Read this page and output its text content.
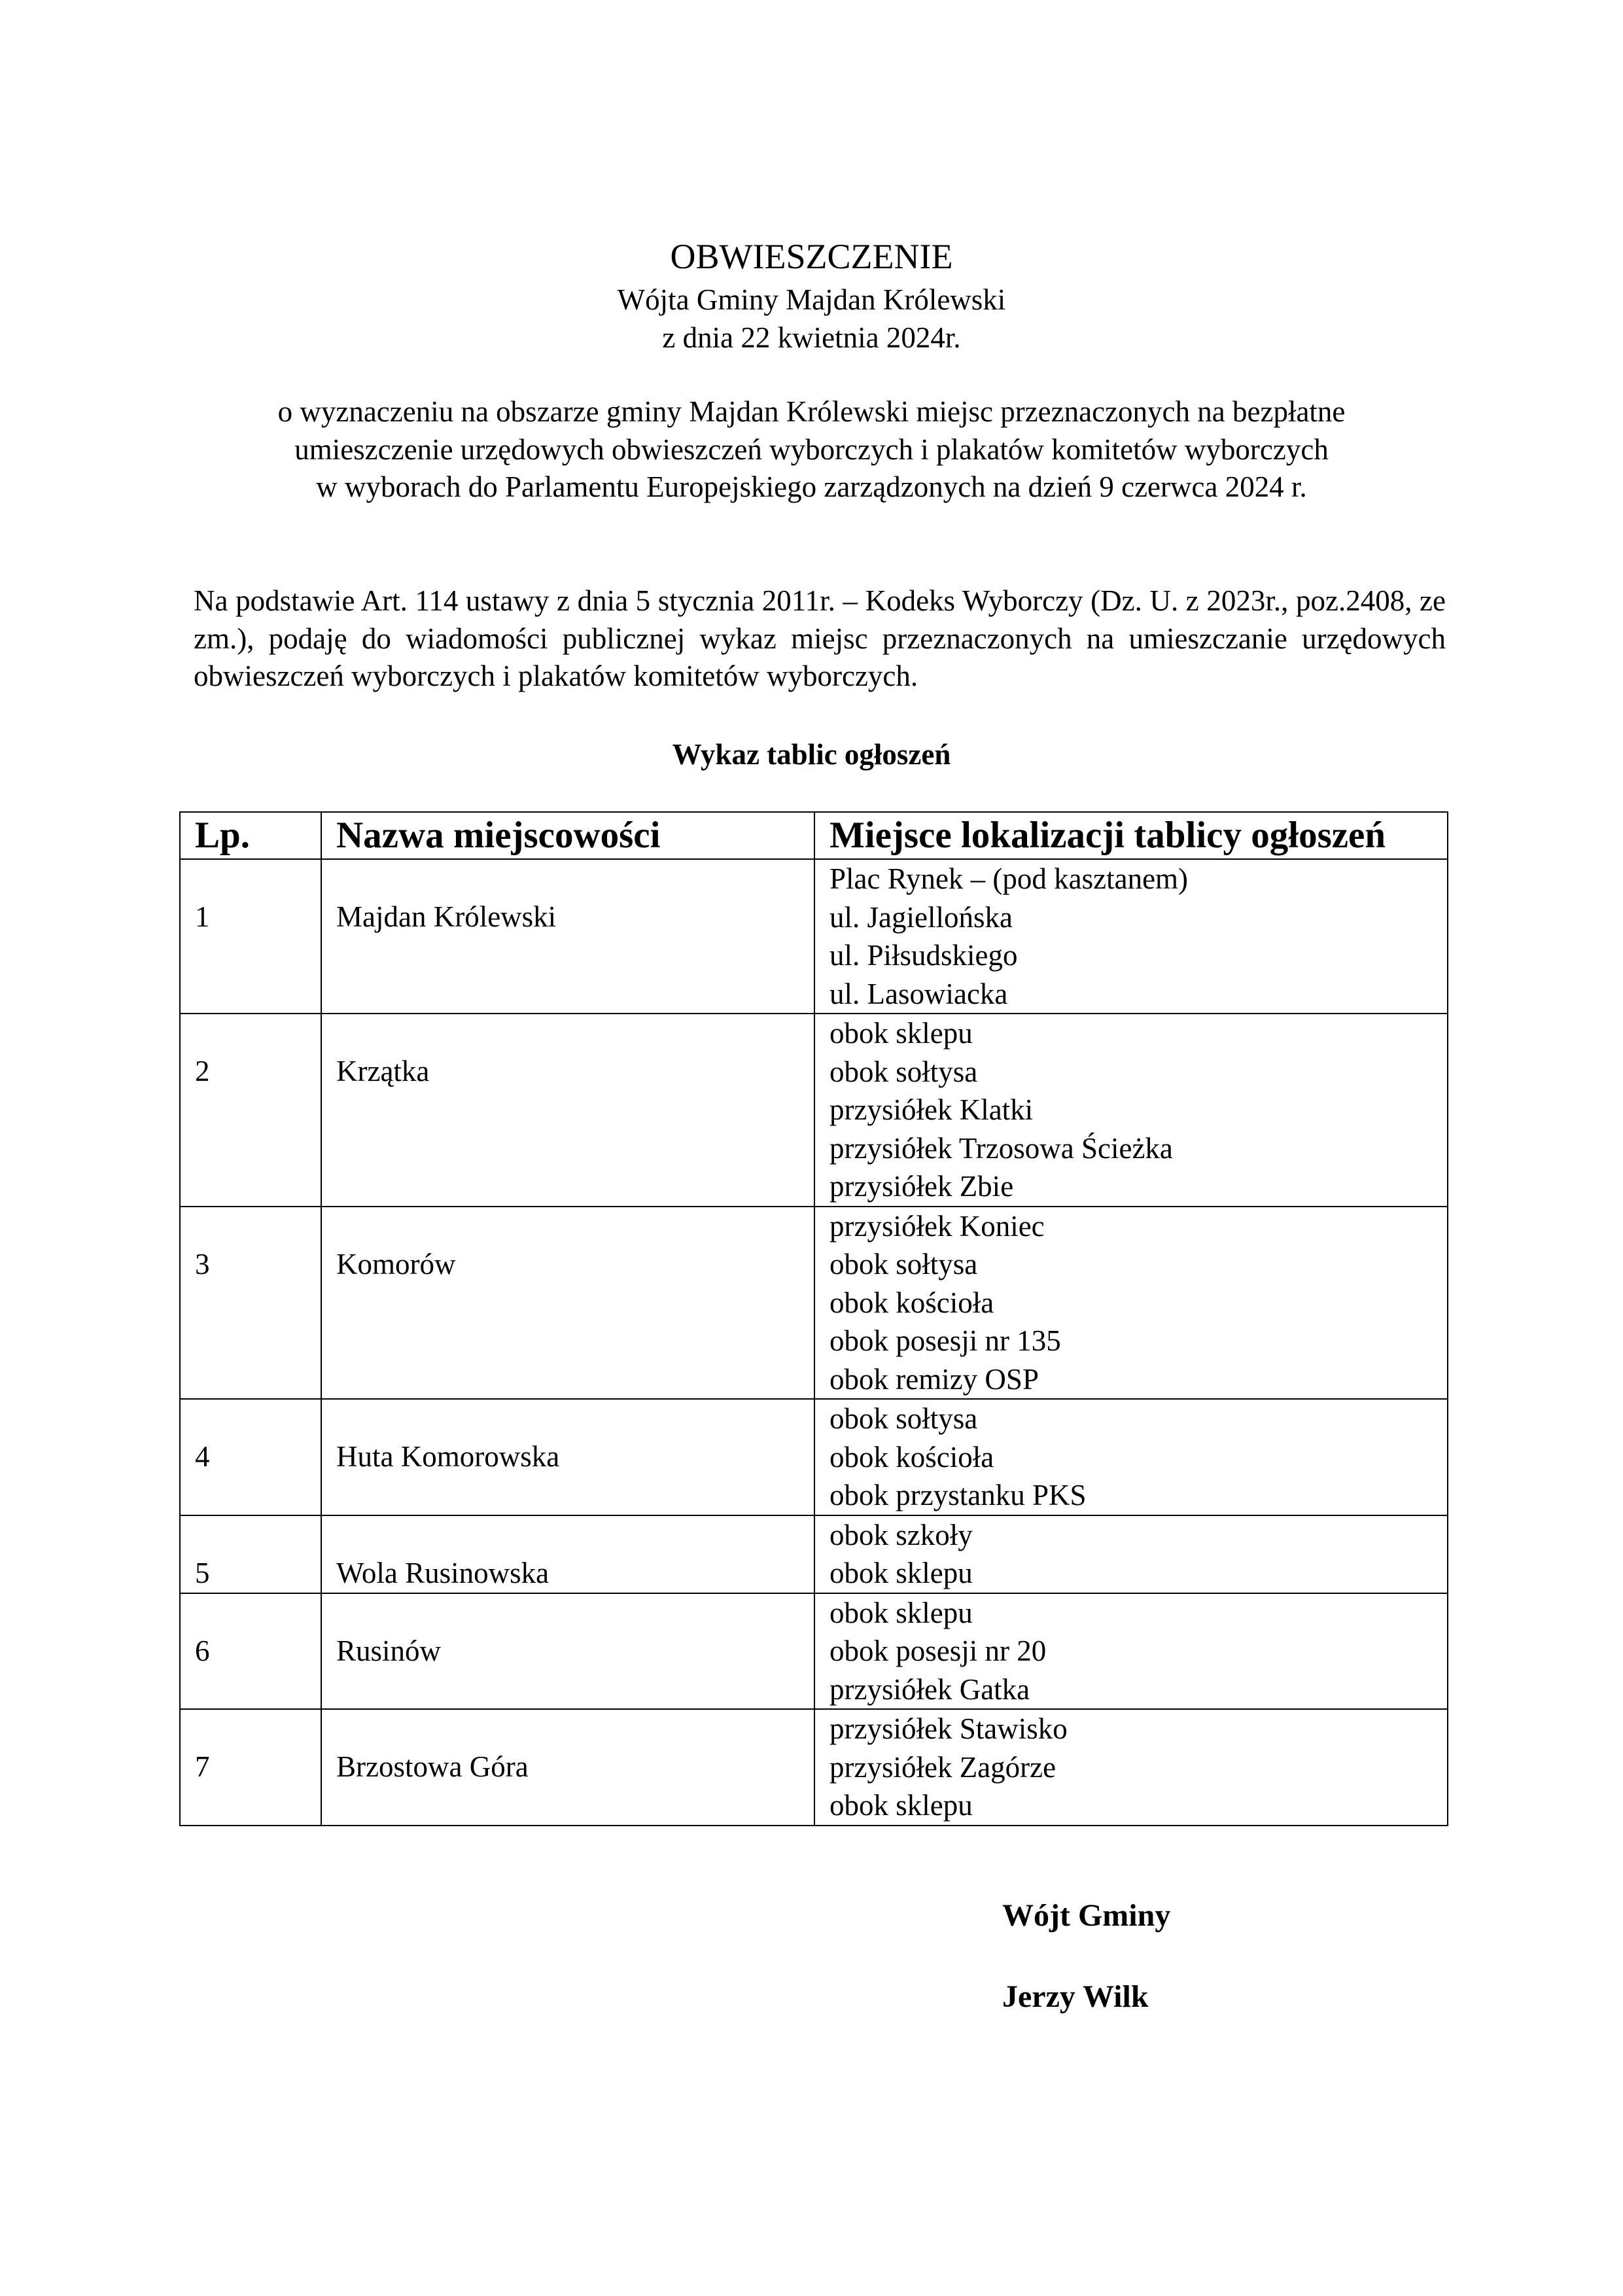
OBWIESZCZENIE
Wójta Gminy Majdan Królewski
z dnia 22 kwietnia 2024r.
o wyznaczeniu na obszarze gminy Majdan Królewski miejsc przeznaczonych na bezpłatne
umieszczenie urzędowych obwieszczeń wyborczych i plakatów komitetów wyborczych
w wyborach do Parlamentu Europejskiego zarządzonych na dzień 9 czerwca 2024 r.
Na podstawie Art. 114 ustawy z dnia 5 stycznia 2011r. – Kodeks Wyborczy (Dz. U. z 2023r., poz.2408, ze zm.), podaję do wiadomości publicznej wykaz miejsc przeznaczonych na umieszczanie urzędowych obwieszczeń wyborczych i plakatów komitetów wyborczych.
Wykaz tablic ogłoszeń
Lp.	Nazwa miejscowości	Miejsce lokalizacji tablicy ogłoszeń

1	Majdan Królewski	Plac Rynek – (pod kasztanem)
ul. Jagiellońska
ul. Piłsudskiego
ul. Lasowiacka

2	Krzątka	obok sklepu
obok sołtysa
przysiółek Klatki
przysiółek Trzosowa Ścieżka
przysiółek Zbie

3	Komorów	przysiółek Koniec
obok sołtysa
obok kościoła
obok posesji nr 135
obok remizy OSP

4	Huta Komorowska	obok sołtysa
obok kościoła
obok przystanku PKS

5	Wola Rusinowska	obok szkoły
obok sklepu

6	Rusinów	obok sklepu
obok posesji nr 20
przysiółek Gatka

7	Brzostowa Góra	przysiółek Stawisko
przysiółek Zagórze
obok sklepu
Wójt Gminy
Jerzy Wilk
